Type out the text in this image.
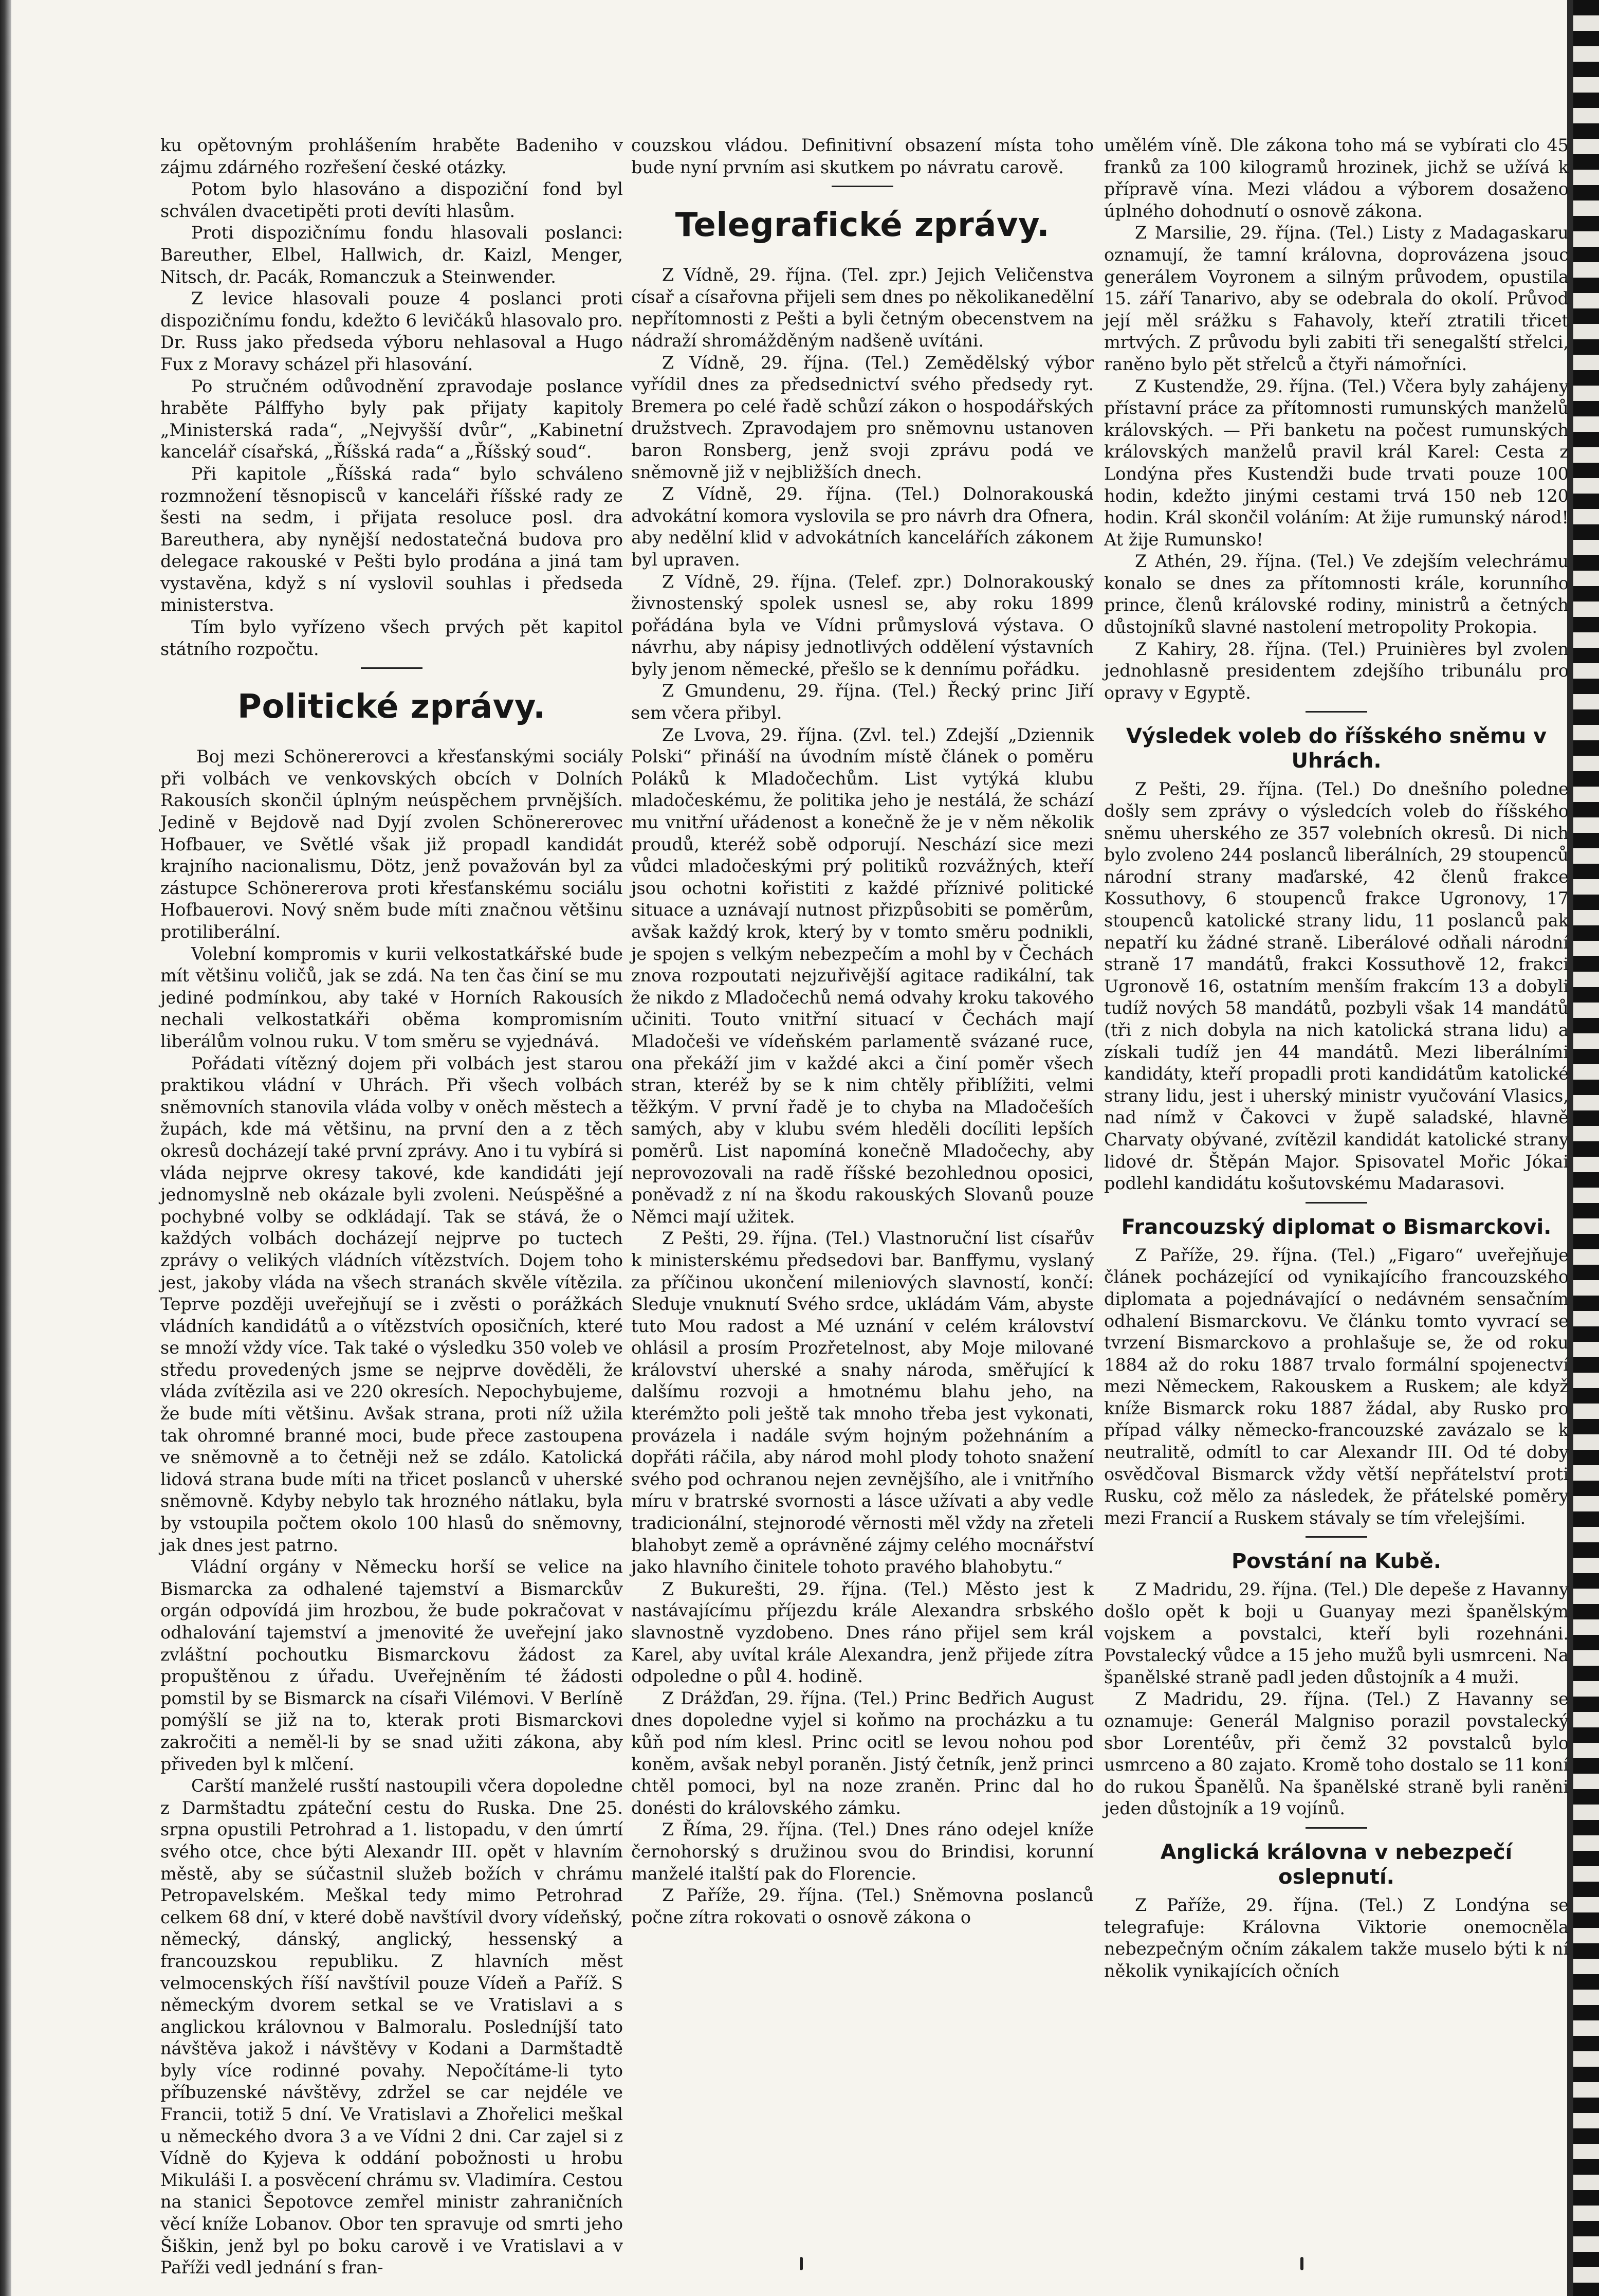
ku opětovným prohlášením hraběte Badeniho v zájmu zdárného rozřešení české otázky.

Potom bylo hlasováno a dispoziční fond byl schválen dvacetipěti proti devíti hlasům.

Proti dispozičnímu fondu hlasovali poslanci: Bareuther, Elbel, Hallwich, dr. Kaizl, Menger, Nitsch, dr. Pacák, Romanczuk a Steinwender.

Z levice hlasovali pouze 4 poslanci proti dispozičnímu fondu, kdežto 6 levičáků hlasovalo pro. Dr. Russ jako předseda výboru nehlasoval a Hugo Fux z Moravy scházel při hlasování.

Po stručném odůvodnění zpravodaje poslance hraběte Pálffyho byly pak přijaty kapitoly „Ministerská rada“, „Nejvyšší dvůr“, „Kabinetní kancelář císařská, „Říšská rada“ a „Říšský soud“.

Při kapitole „Říšská rada“ bylo schváleno rozmnožení těsnopisců v kanceláři říšské rady ze šesti na sedm, i přijata resoluce posl. dra Bareuthera, aby nynější nedostatečná budova pro delegace rakouské v Pešti bylo prodána a jiná tam vystavěna, když s ní vyslovil souhlas i předseda ministerstva.

Tím bylo vyřízeno všech prvých pět kapitol státního rozpočtu.

Politické zprávy.

Boj mezi Schönererovci a křesťanskými sociály při volbách ve venkovských obcích v Dolních Rakousích skončil úplným neúspěchem prvnějších. Jedině v Bejdově nad Dyjí zvolen Schönererovec Hofbauer, ve Světlé však již propadl kandidát krajního nacionalismu, Dötz, jenž považován byl za zástupce Schönererova proti křesťanskému sociálu Hofbauerovi. Nový sněm bude míti značnou většinu protiliberální.

Volební kompromis v kurii velkostatkářské bude mít většinu voličů, jak se zdá. Na ten čas činí se mu jediné podmínkou, aby také v Horních Rakousích nechali velkostatkáři oběma kompromisním liberálům volnou ruku. V tom směru se vyjednává.

Pořádati vítězný dojem při volbách jest starou praktikou vládní v Uhrách. Při všech volbách sněmovních stanovila vláda volby v oněch městech a župách, kde má většinu, na první den a z těch okresů docházejí také první zprávy. Ano i tu vybírá si vláda nejprve okresy takové, kde kandidáti její jednomyslně neb okázale byli zvoleni. Neúspěšné a pochybné volby se odkládají. Tak se stává, že o každých volbách docházejí nejprve po tuctech zprávy o velikých vládních vítězstvích. Dojem toho jest, jakoby vláda na všech stranách skvěle vítězila. Teprve později uveřejňují se i zvěsti o porážkách vládních kandidátů a o vítězstvích oposičních, které se množí vždy více. Tak také o výsledku 350 voleb ve středu provedených jsme se nejprve dověděli, že vláda zvítězila asi ve 220 okresích. Nepochybujeme, že bude míti většinu. Avšak strana, proti níž užila tak ohromné branné moci, bude přece zastoupena ve sněmovně a to četněji než se zdálo. Katolická lidová strana bude míti na třicet poslanců v uherské sněmovně. Kdyby nebylo tak hrozného nátlaku, byla by vstoupila počtem okolo 100 hlasů do sněmovny, jak dnes jest patrno.

Vládní orgány v Německu horší se velice na Bismarcka za odhalené tajemství a Bismarckův orgán odpovídá jim hrozbou, že bude pokračovat v odhalování tajemství a jmenovité že uveřejní jako zvláštní pochoutku Bismarckovu žádost za propuštěnou z úřadu. Uveřejněním té žádosti pomstil by se Bismarck na císaři Vilémovi. V Berlíně pomýšlí se již na to, kterak proti Bismarckovi zakročiti a neměl-li by se snad užiti zákona, aby přiveden byl k mlčení.

Carští manželé rusští nastoupili včera dopoledne z Darmštadtu zpáteční cestu do Ruska. Dne 25. srpna opustili Petrohrad a 1. listopadu, v den úmrtí svého otce, chce býti Alexandr III. opět v hlavním městě, aby se súčastnil služeb božích v chrámu Petropavelském. Meškal tedy mimo Petrohrad celkem 68 dní, v které době navštívil dvory vídeňský, německý, dánský, anglický, hessenský a francouzskou republiku. Z hlavních měst velmocenských říší navštívil pouze Vídeň a Paříž. S německým dvorem setkal se ve Vratislavi a s anglickou královnou v Balmoralu. Posledníjší tato návštěva jakož i návštěvy v Kodani a Darmštadtě byly více rodinné povahy. Nepočítáme-li tyto příbuzenské návštěvy, zdržel se car nejdéle ve Francii, totiž 5 dní. Ve Vratislavi a Zhořelici meškal u německého dvora 3 a ve Vídni 2 dni. Car zajel si z Vídně do Kyjeva k oddání pobožnosti u hrobu Mikuláši I. a posvěcení chrámu sv. Vladimíra. Cestou na stanici Šepotovce zemřel ministr zahraničních věcí kníže Lobanov. Obor ten spravuje od smrti jeho Šiškin, jenž byl po boku carově i ve Vratislavi a v Paříži vedl jednání s fran-

couzskou vládou. Definitivní obsazení místa toho bude nyní prvním asi skutkem po návratu carově.

Telegrafické zprávy.

Z Vídně, 29. října. (Tel. zpr.) Jejich Veličenstva císař a císařovna přijeli sem dnes po několikanedělní nepřítomnosti z Pešti a byli četným obecenstvem na nádraží shromážděným nadšeně uvítáni.

Z Vídně, 29. října. (Tel.) Zemědělský výbor vyřídil dnes za předsednictví svého předsedy ryt. Bremera po celé řadě schůzí zákon o hospodářských družstvech. Zpravodajem pro sněmovnu ustanoven baron Ronsberg, jenž svoji zprávu podá ve sněmovně již v nejbližších dnech.

Z Vídně, 29. října. (Tel.) Dolnorakouská advokátní komora vyslovila se pro návrh dra Ofnera, aby nedělní klid v advokátních kancelářích zákonem byl upraven.

Z Vídně, 29. října. (Telef. zpr.) Dolnorakouský živnostenský spolek usnesl se, aby roku 1899 pořádána byla ve Vídni průmyslová výstava. O návrhu, aby nápisy jednotlivých oddělení výstavních byly jenom německé, přešlo se k dennímu pořádku.

Z Gmundenu, 29. října. (Tel.) Řecký princ Jiří sem včera přibyl.

Ze Lvova, 29. října. (Zvl. tel.) Zdejší „Dziennik Polski“ přináší na úvodním místě článek o poměru Poláků k Mladočechům. List vytýká klubu mladočeskému, že politika jeho je nestálá, že schází mu vnitřní uřádenost a konečně že je v něm několik proudů, kteréž sobě odporují. Neschází sice mezi vůdci mladočeskými prý politiků rozvážných, kteří jsou ochotni kořistiti z každé příznivé politické situace a uznávají nutnost přizpůsobiti se poměrům, avšak každý krok, který by v tomto směru podnikli, je spojen s velkým nebezpečím a mohl by v Čechách znova rozpoutati nejzuřivější agitace radikální, tak že nikdo z Mladočechů nemá odvahy kroku takového učiniti. Touto vnitřní situací v Čechách mají Mladočeši ve vídeňském parlamentě svázané ruce, ona překáží jim v každé akci a činí poměr všech stran, kteréž by se k nim chtěly přiblížiti, velmi těžkým. V první řadě je to chyba na Mladočeších samých, aby v klubu svém hleděli docíliti lepších poměrů. List napomíná konečně Mladočechy, aby neprovozovali na radě říšské bezohlednou oposici, poněvadž z ní na škodu rakouských Slovanů pouze Němci mají užitek.

Z Pešti, 29. října. (Tel.) Vlastnoruční list císařův k ministerskému předsedovi bar. Banffymu, vyslaný za příčinou ukončení mileniových slavností, končí: Sleduje vnuknutí Svého srdce, ukládám Vám, abyste tuto Mou radost a Mé uznání v celém království ohlásil a prosím Prozřetelnost, aby Moje milované království uherské a snahy národa, směřující k dalšímu rozvoji a hmotnému blahu jeho, na kterémžto poli ještě tak mnoho třeba jest vykonati, provázela i nadále svým hojným požehnáním a dopřáti ráčila, aby národ mohl plody tohoto snažení svého pod ochranou nejen zevnějšího, ale i vnitřního míru v bratrské svornosti a lásce užívati a aby vedle tradicionální, stejnorodé věrnosti měl vždy na zřeteli blahobyt země a oprávněné zájmy celého mocnářství jako hlavního činitele tohoto pravého blahobytu.“

Z Bukurešti, 29. října. (Tel.) Město jest k nastávajícímu příjezdu krále Alexandra srbského slavnostně vyzdobeno. Dnes ráno přijel sem král Karel, aby uvítal krále Alexandra, jenž přijede zítra odpoledne o půl 4. hodině.

Z Drážďan, 29. října. (Tel.) Princ Bedřich August dnes dopoledne vyjel si koňmo na procházku a tu kůň pod ním klesl. Princ ocitl se levou nohou pod koněm, avšak nebyl poraněn. Jistý četník, jenž princi chtěl pomoci, byl na noze zraněn. Princ dal ho donésti do královského zámku.

Z Říma, 29. října. (Tel.) Dnes ráno odejel kníže černohorský s družinou svou do Brindisi, korunní manželé italští pak do Florencie.

Z Paříže, 29. října. (Tel.) Sněmovna poslanců počne zítra rokovati o osnově zákona o

umělém víně. Dle zákona toho má se vybírati clo 45 franků za 100 kilogramů hrozinek, jichž se užívá k přípravě vína. Mezi vládou a výborem dosaženo úplného dohodnutí o osnově zákona.

Z Marsilie, 29. října. (Tel.) Listy z Madagaskaru oznamují, že tamní královna, doprovázena jsouc generálem Voyronem a silným průvodem, opustila 15. září Tanarivo, aby se odebrala do okolí. Průvod její měl srážku s Fahavoly, kteří ztratili třicet mrtvých. Z průvodu byli zabiti tři senegalští střelci, raněno bylo pět střelců a čtyři námořníci.

Z Kustendže, 29. října. (Tel.) Včera byly zahájeny přístavní práce za přítomnosti rumunských manželů královských. — Při banketu na počest rumunských královských manželů pravil král Karel: Cesta z Londýna přes Kustendži bude trvati pouze 100 hodin, kdežto jinými cestami trvá 150 neb 120 hodin. Král skončil voláním: At žije rumunský národ! At žije Rumunsko!

Z Athén, 29. října. (Tel.) Ve zdejším velechrámu konalo se dnes za přítomnosti krále, korunního prince, členů královské rodiny, ministrů a četných důstojníků slavné nastolení metropolity Prokopia.

Z Kahiry, 28. října. (Tel.) Pruinières byl zvolen jednohlasně presidentem zdejšího tribunálu pro opravy v Egyptě.

Výsledek voleb do říšského sněmu v Uhrách.

Z Pešti, 29. října. (Tel.) Do dnešního poledne došly sem zprávy o výsledcích voleb do říšského sněmu uherského ze 357 volebních okresů. Di nich bylo zvoleno 244 poslanců liberálních, 29 stoupenců národní strany maďarské, 42 členů frakce Kossuthovy, 6 stoupenců frakce Ugronovy, 17 stoupenců katolické strany lidu, 11 poslanců pak nepatří ku žádné straně. Liberálové odňali národní straně 17 mandátů, frakci Kossuthově 12, frakci Ugronově 16, ostatním menším frakcím 13 a dobyli tudíž nových 58 mandátů, pozbyli však 14 mandátů (tři z nich dobyla na nich katolická strana lidu) a získali tudíž jen 44 mandátů. Mezi liberálními kandidáty, kteří propadli proti kandidátům katolické strany lidu, jest i uherský ministr vyučování Vlasics, nad nímž v Čakovci v župě saladské, hlavně Charvaty obývané, zvítězil kandidát katolické strany lidové dr. Štěpán Major. Spisovatel Mořic Jókai podlehl kandidátu košutovskému Madarasovi.

Francouzský diplomat o Bismarckovi.

Z Paříže, 29. října. (Tel.) „Figaro“ uveřejňuje článek pocházející od vynikajícího francouzského diplomata a pojednávající o nedávném sensačním odhalení Bismarckovu. Ve článku tomto vyvrací se tvrzení Bismarckovo a prohlašuje se, že od roku 1884 až do roku 1887 trvalo formální spojenectví mezi Německem, Rakouskem a Ruskem; ale když kníže Bismarck roku 1887 žádal, aby Rusko pro případ války německo-francouzské zavázalo se k neutralitě, odmítl to car Alexandr III. Od té doby osvědčoval Bismarck vždy větší nepřátelství proti Rusku, což mělo za následek, že přátelské poměry mezi Francií a Ruskem stávaly se tím vřelejšími.

Povstání na Kubě.

Z Madridu, 29. října. (Tel.) Dle depeše z Havanny došlo opět k boji u Guanyay mezi španělským vojskem a povstalci, kteří byli rozehnáni. Povstalecký vůdce a 15 jeho mužů byli usmrceni. Na španělské straně padl jeden důstojník a 4 muži.

Z Madridu, 29. října. (Tel.) Z Havanny se oznamuje: Generál Malgniso porazil povstalecký sbor Lorentéův, při čemž 32 povstalců bylo usmrceno a 80 zajato. Kromě toho dostalo se 11 koní do rukou Španělů. Na španělské straně byli raněni jeden důstojník a 19 vojínů.

Anglická královna v nebezpečí oslepnutí.

Z Paříže, 29. října. (Tel.) Z Londýna se telegrafuje: Královna Viktorie onemocněla nebezpečným očním zákalem takže muselo býti k ní několik vynikajících očních
